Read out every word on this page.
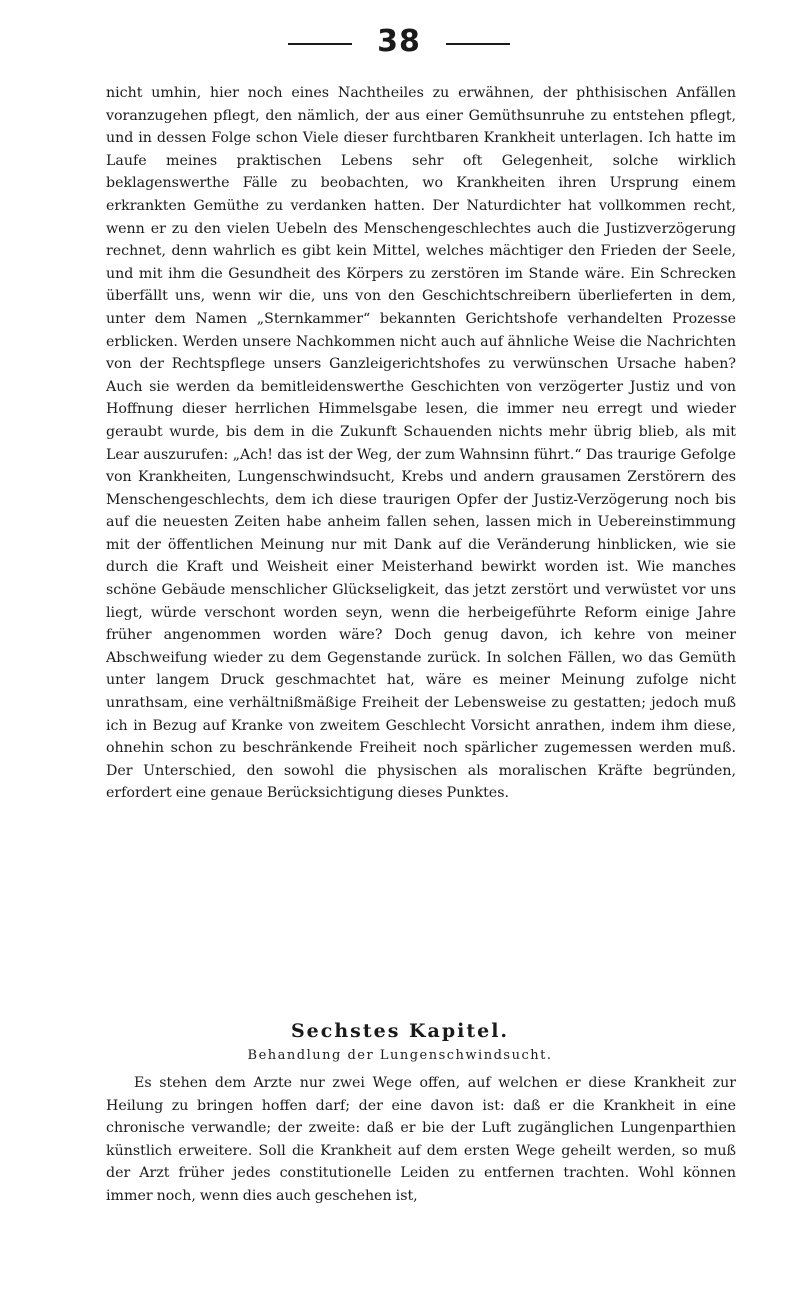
38

nicht umhin, hier noch eines Nachtheiles zu erwähnen, der phthisischen Anfällen voranzugehen pflegt, den nämlich, der aus einer Gemüthsunruhe zu entstehen pflegt, und in dessen Folge schon Viele dieser furchtbaren Krankheit unterlagen. Ich hatte im Laufe meines praktischen Lebens sehr oft Gelegenheit, solche wirklich beklagenswerthe Fälle zu beobachten, wo Krankheiten ihren Ursprung einem erkrankten Gemüthe zu verdanken hatten. Der Naturdichter hat vollkommen recht, wenn er zu den vielen Uebeln des Menschengeschlechtes auch die Justizverzögerung rechnet, denn wahrlich es gibt kein Mittel, welches mächtiger den Frieden der Seele, und mit ihm die Gesundheit des Körpers zu zerstören im Stande wäre. Ein Schrecken überfällt uns, wenn wir die, uns von den Geschichtschreibern überlieferten in dem, unter dem Namen „Sternkammer“ bekannten Gerichtshofe verhandelten Prozesse erblicken. Werden unsere Nachkommen nicht auch auf ähnliche Weise die Nachrichten von der Rechtspflege unsers Ganzleigerichtshofes zu verwünschen Ursache haben? Auch sie werden da bemitleidenswerthe Geschichten von verzögerter Justiz und von Hoffnung dieser herrlichen Himmelsgabe lesen, die immer neu erregt und wieder geraubt wurde, bis dem in die Zukunft Schauenden nichts mehr übrig blieb, als mit Lear auszurufen: „Ach! das ist der Weg, der zum Wahnsinn führt.“ Das traurige Gefolge von Krankheiten, Lungenschwindsucht, Krebs und andern grausamen Zerstörern des Menschengeschlechts, dem ich diese traurigen Opfer der Justiz-Verzögerung noch bis auf die neuesten Zeiten habe anheim fallen sehen, lassen mich in Uebereinstimmung mit der öffentlichen Meinung nur mit Dank auf die Veränderung hinblicken, wie sie durch die Kraft und Weisheit einer Meisterhand bewirkt worden ist. Wie manches schöne Gebäude menschlicher Glückseligkeit, das jetzt zerstört und verwüstet vor uns liegt, würde verschont worden seyn, wenn die herbeigeführte Reform einige Jahre früher angenommen worden wäre? Doch genug davon, ich kehre von meiner Abschweifung wieder zu dem Gegenstande zurück. In solchen Fällen, wo das Gemüth unter langem Druck geschmachtet hat, wäre es meiner Meinung zufolge nicht unrathsam, eine verhältnißmäßige Freiheit der Lebensweise zu gestatten; jedoch muß ich in Bezug auf Kranke von zweitem Geschlecht Vorsicht anrathen, indem ihm diese, ohnehin schon zu beschränkende Freiheit noch spärlicher zugemessen werden muß. Der Unterschied, den sowohl die physischen als moralischen Kräfte begründen, erfordert eine genaue Berücksichtigung dieses Punktes.

Sechstes Kapitel.
Behandlung der Lungenschwindsucht.

Es stehen dem Arzte nur zwei Wege offen, auf welchen er diese Krankheit zur Heilung zu bringen hoffen darf; der eine davon ist: daß er die Krankheit in eine chronische verwandle; der zweite: daß er bie der Luft zugänglichen Lungenparthien künstlich erweitere. Soll die Krankheit auf dem ersten Wege geheilt werden, so muß der Arzt früher jedes constitutionelle Leiden zu entfernen trachten. Wohl können immer noch, wenn dies auch geschehen ist,
